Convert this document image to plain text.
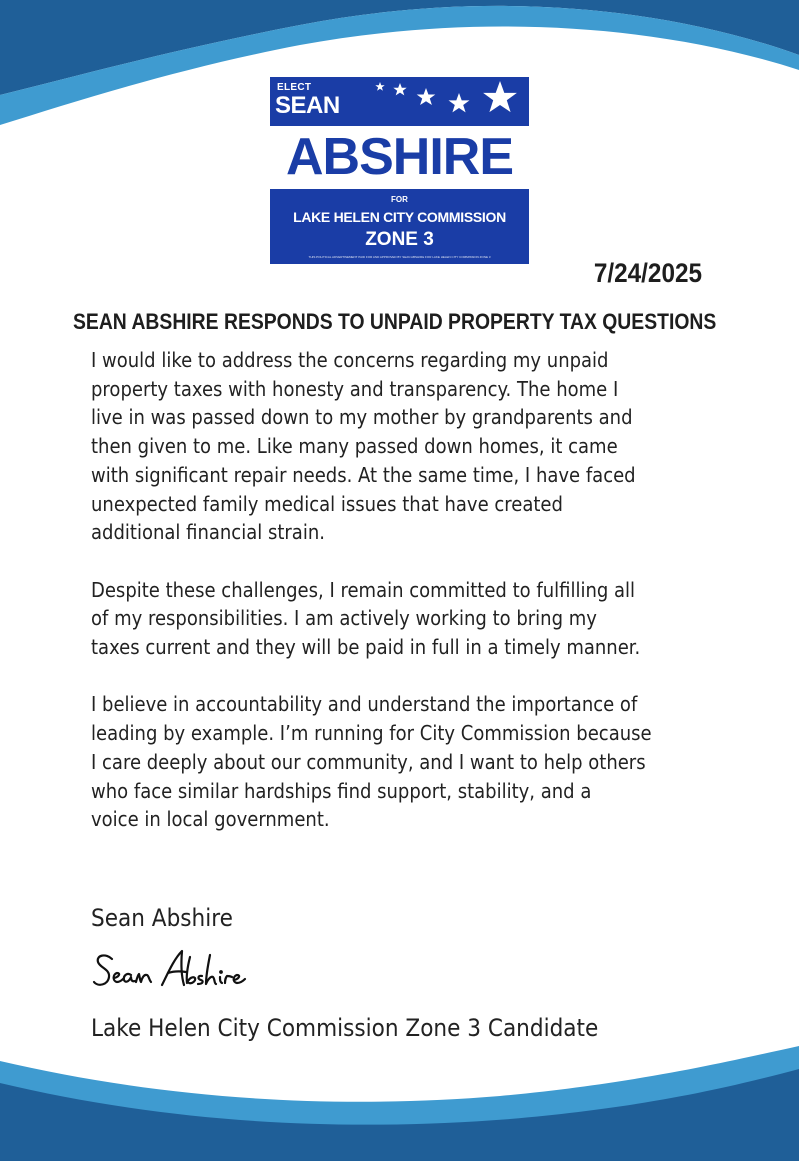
ELECT
SEAN
ABSHIRE
FOR
LAKE HELEN CITY COMMISSION
ZONE 3
THIS POLITICAL ADVERTISEMENT PAID FOR AND APPROVED BY SEAN ABSHIRE FOR LAKE HELEN CITY COMMISSION ZONE 3
7/24/2025
SEAN ABSHIRE RESPONDS TO UNPAID PROPERTY TAX QUESTIONS
I would like to address the concerns regarding my unpaid
property taxes with honesty and transparency. The home I
live in was passed down to my mother by grandparents and
then given to me. Like many passed down homes, it came
with significant repair needs. At the same time, I have faced
unexpected family medical issues that have created
additional financial strain.
Despite these challenges, I remain committed to fulfilling all
of my responsibilities. I am actively working to bring my
taxes current and they will be paid in full in a timely manner.
I believe in accountability and understand the importance of
leading by example. I’m running for City Commission because
I care deeply about our community, and I want to help others
who face similar hardships find support, stability, and a
voice in local government.
Sean Abshire
Lake Helen City Commission Zone 3 Candidate
